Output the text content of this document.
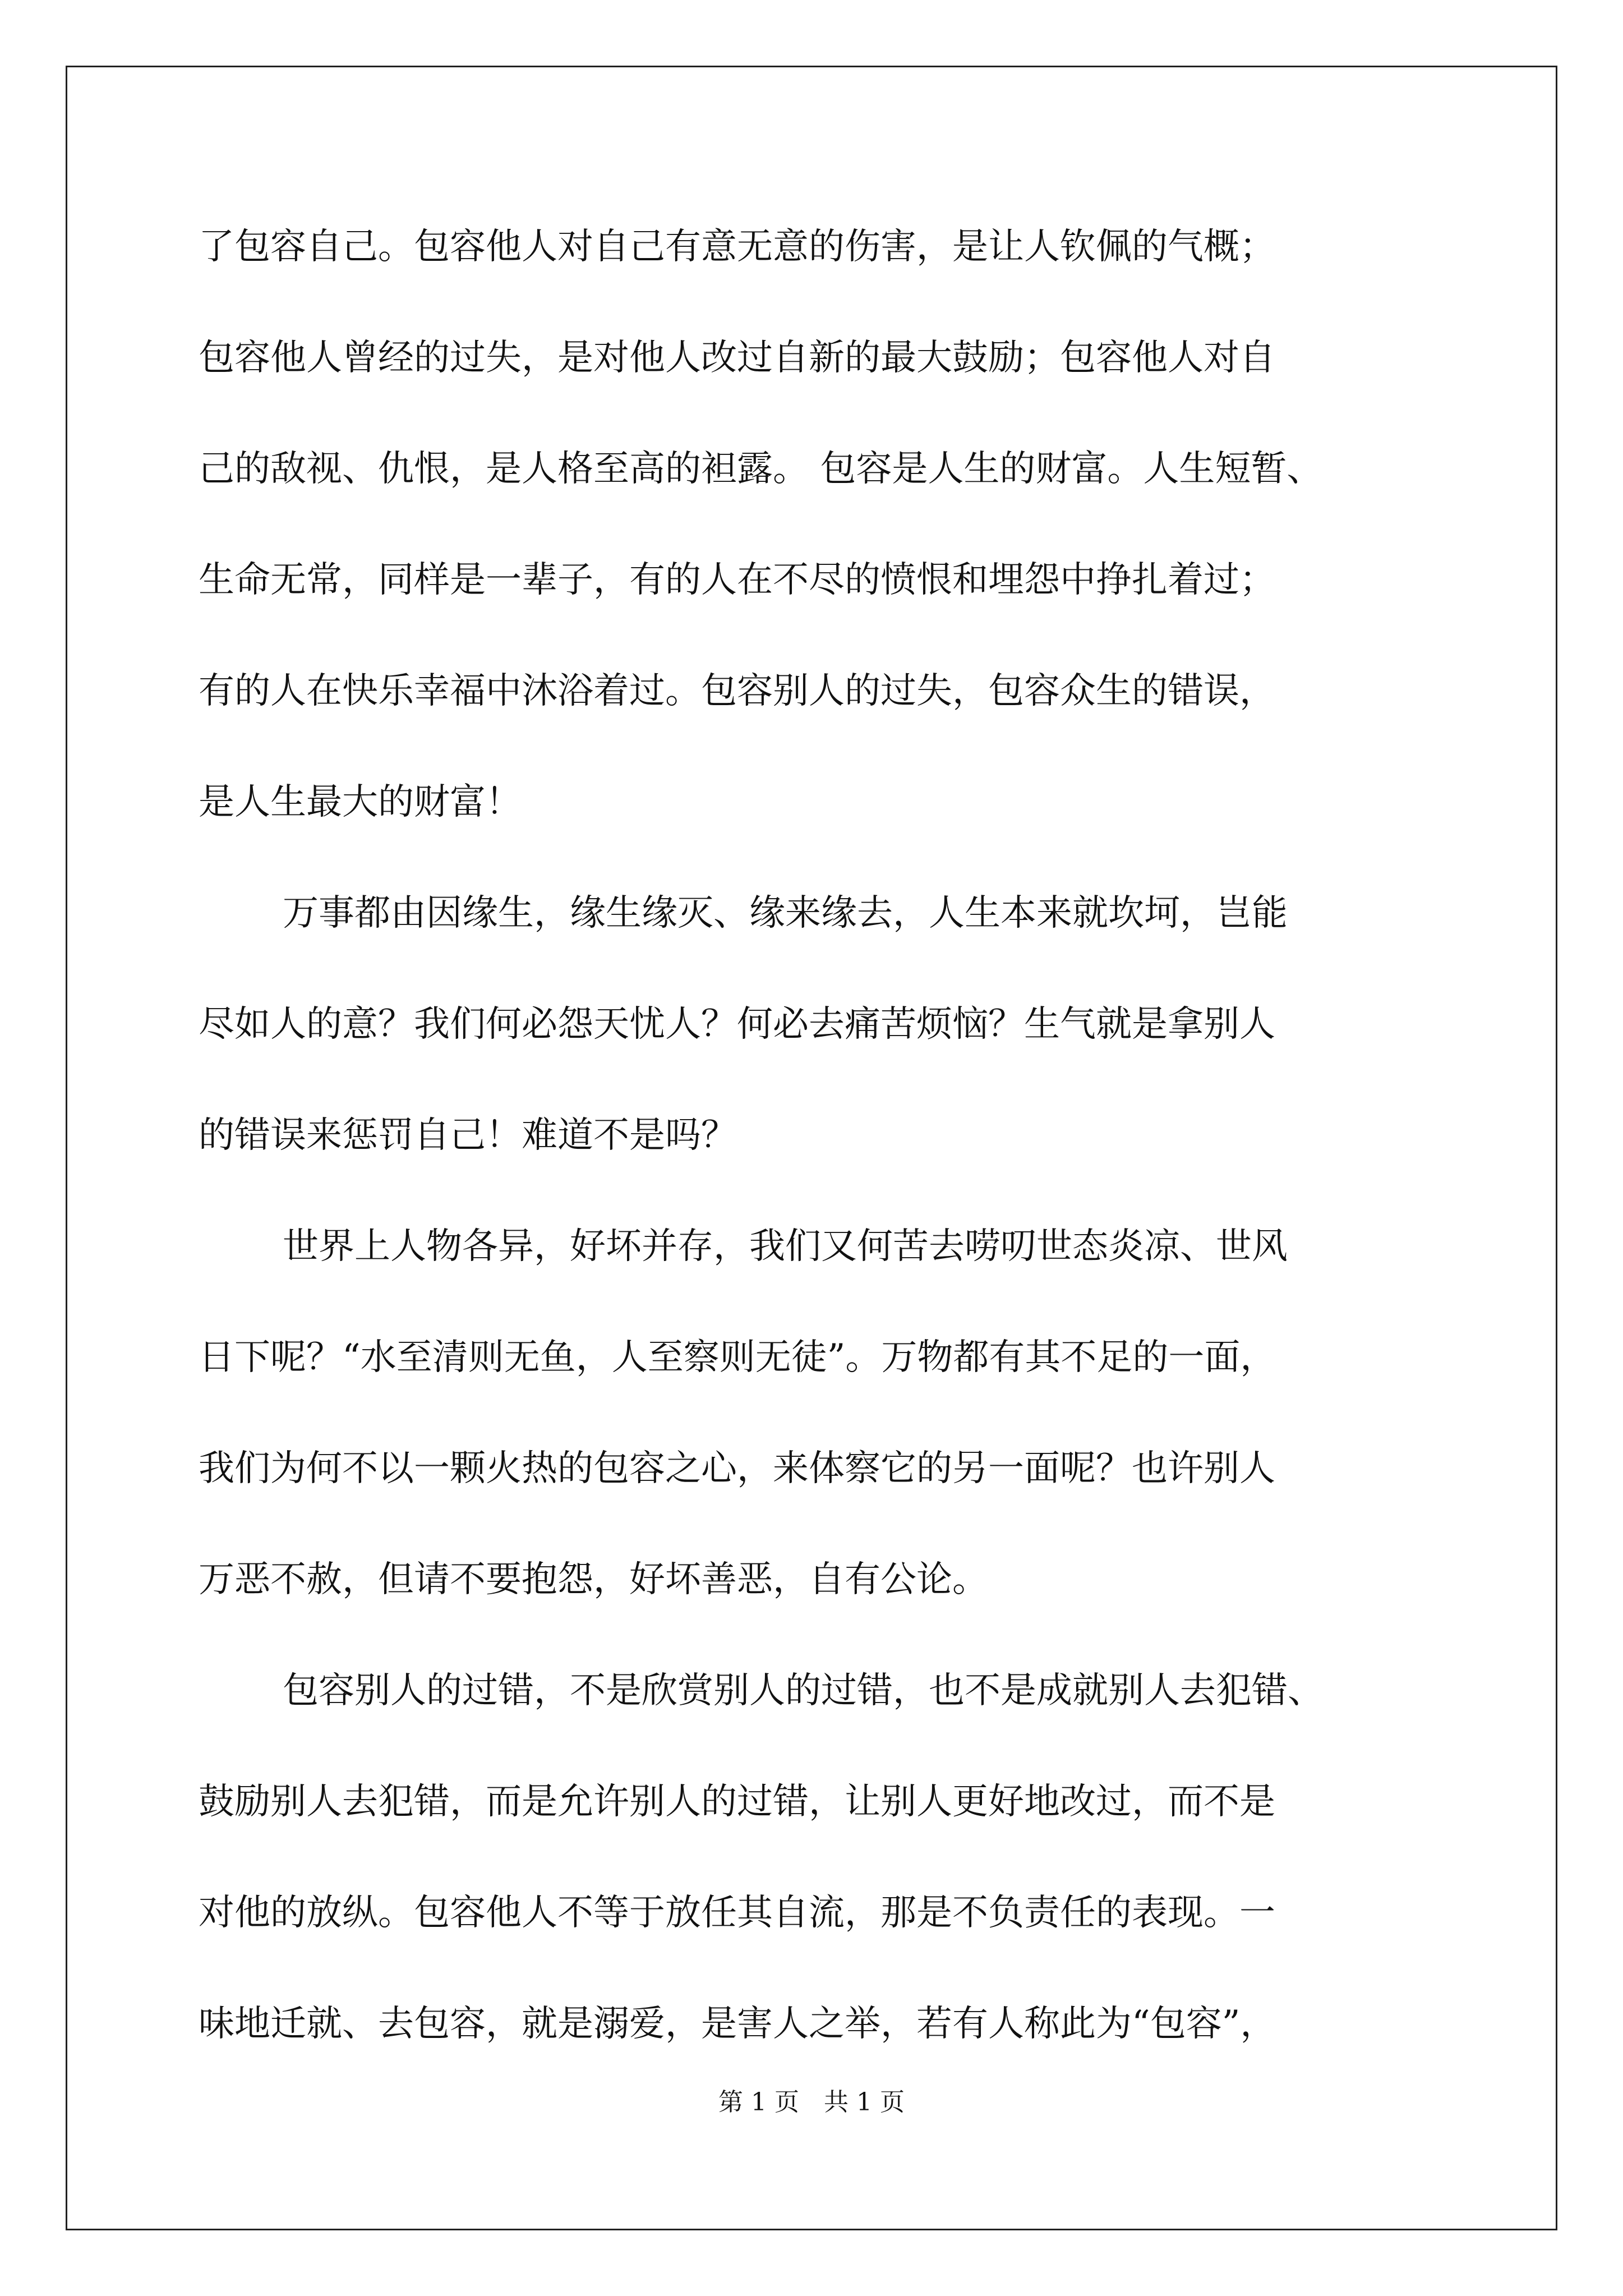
了包容自己。包容他人对自己有意无意的伤害，是让人钦佩的气概；
包容他人曾经的过失，是对他人改过自新的最大鼓励；包容他人对自
己的敌视、仇恨，是人格至高的袒露。 包容是人生的财富。人生短暂、
生命无常，同样是一辈子，有的人在不尽的愤恨和埋怨中挣扎着过；
有的人在快乐幸福中沐浴着过。包容别人的过失，包容众生的错误，
是人生最大的财富！
万事都由因缘生，缘生缘灭、缘来缘去，人生本来就坎坷，岂能
尽如人的意？我们何必怨天忧人？何必去痛苦烦恼？生气就是拿别人
的错误来惩罚自己！难道不是吗？
世界上人物各异，好坏并存，我们又何苦去唠叨世态炎凉、世风
日下呢？“水至清则无鱼，人至察则无徒”。万物都有其不足的一面，
我们为何不以一颗火热的包容之心，来体察它的另一面呢？也许别人
万恶不赦，但请不要抱怨，好坏善恶，自有公论。
包容别人的过错，不是欣赏别人的过错，也不是成就别人去犯错、
鼓励别人去犯错，而是允许别人的过错，让别人更好地改过，而不是
对他的放纵。包容他人不等于放任其自流，那是不负责任的表现。一
味地迁就、去包容，就是溺爱，是害人之举，若有人称此为“包容”，
第 1 页　共 1 页
